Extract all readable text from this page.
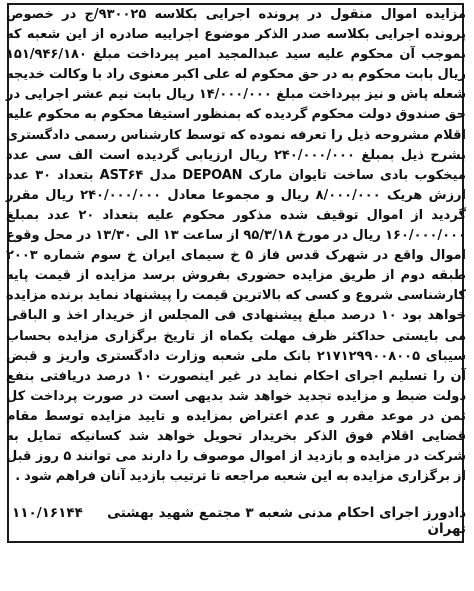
مزایده اموال منقول در پرونده اجرایی بکلاسه ۹۳۰۰۲۵/ج در خصوص پرونده اجرایی بکلاسه صدر الذکر موضوع اجراییه صادره از این شعبه که بموجب آن محکوم علیه سید عبدالمجید امیر پیرداخت مبلغ ۱۵۱/۹۴۶/۱۸۰ ریال بابت محکوم به در حق محکوم له علی اکبر معنوی راد با وکالت خدیجه شعله پاش و نیز بپرداخت مبلغ ۱۴/۰۰۰/۰۰۰ ریال بابت نیم عشر اجرایی در حق صندوق دولت محکوم گردیده که بمنظور استیفا محکوم به محکوم علیه اقلام مشروحه ذیل را تعرفه نموده که توسط کارشناس رسمی دادگستری بشرح ذیل بمبلغ ۲۴۰/۰۰۰/۰۰۰ ریال ارزیابی گردیده است الف سی عدد میخکوب بادی ساخت تایوان مارک DEPOAN مدل AST۶۴ بتعداد ۳۰ عدد ارزش هریک ۸/۰۰۰/۰۰۰ ریال و مجموعا معادل ۲۴۰/۰۰۰/۰۰۰ ریال مقرر گردید از اموال توقیف شده مذکور محکوم علیه بتعداد ۲۰ عدد بمبلغ ۱۶۰/۰۰۰/۰۰۰ ریال در مورخ ۹۵/۳/۱۸ از ساعت ۱۳ الی ۱۳/۳۰ در محل وقوع اموال واقع در شهرک قدس فاز ۵ خ سیمای ایران خ سوم شماره ۲۰۰۳ طبقه دوم از طریق مزایده حضوری بفروش برسد مزایده از قیمت پایه کارشناسی شروع و کسی که بالاترین قیمت را پیشنهاد نماید برنده مزایده خواهد بود ۱۰ درصد مبلغ پیشنهادی فی المجلس از خریدار اخذ و الباقی می بایستی حداکثر ظرف مهلت یکماه از تاریخ برگزاری مزایده بحساب سیبای ۲۱۷۱۲۹۹۰۰۸۰۰۵ بانک ملی شعبه وزارت دادگستری واریز و قبض آن را تسلیم اجرای احکام نماید در غیر اینصورت ۱۰ درصد دریافتی بنفع دولت ضبط و مزایده تجدید خواهد شد بدیهی است در صورت پرداخت کل ثمن در موعد مقرر و عدم اعتراض بمزایده و تایید مزایده توسط مقام قضایی اقلام فوق الذکر بخریدار تحویل خواهد شد کسانیکه تمایل به شرکت در مزایده و بازدید از اموال موصوف را دارند می توانند ۵ روز قبل از برگزاری مزایده به این شعبه مراجعه تا ترتیب بازدید آنان فراهم شود .

دادورز اجرای احکام مدنی شعبه ۳ مجتمع شهید بهشتی تهران
۱۱۰/۱۶۱۴۴
